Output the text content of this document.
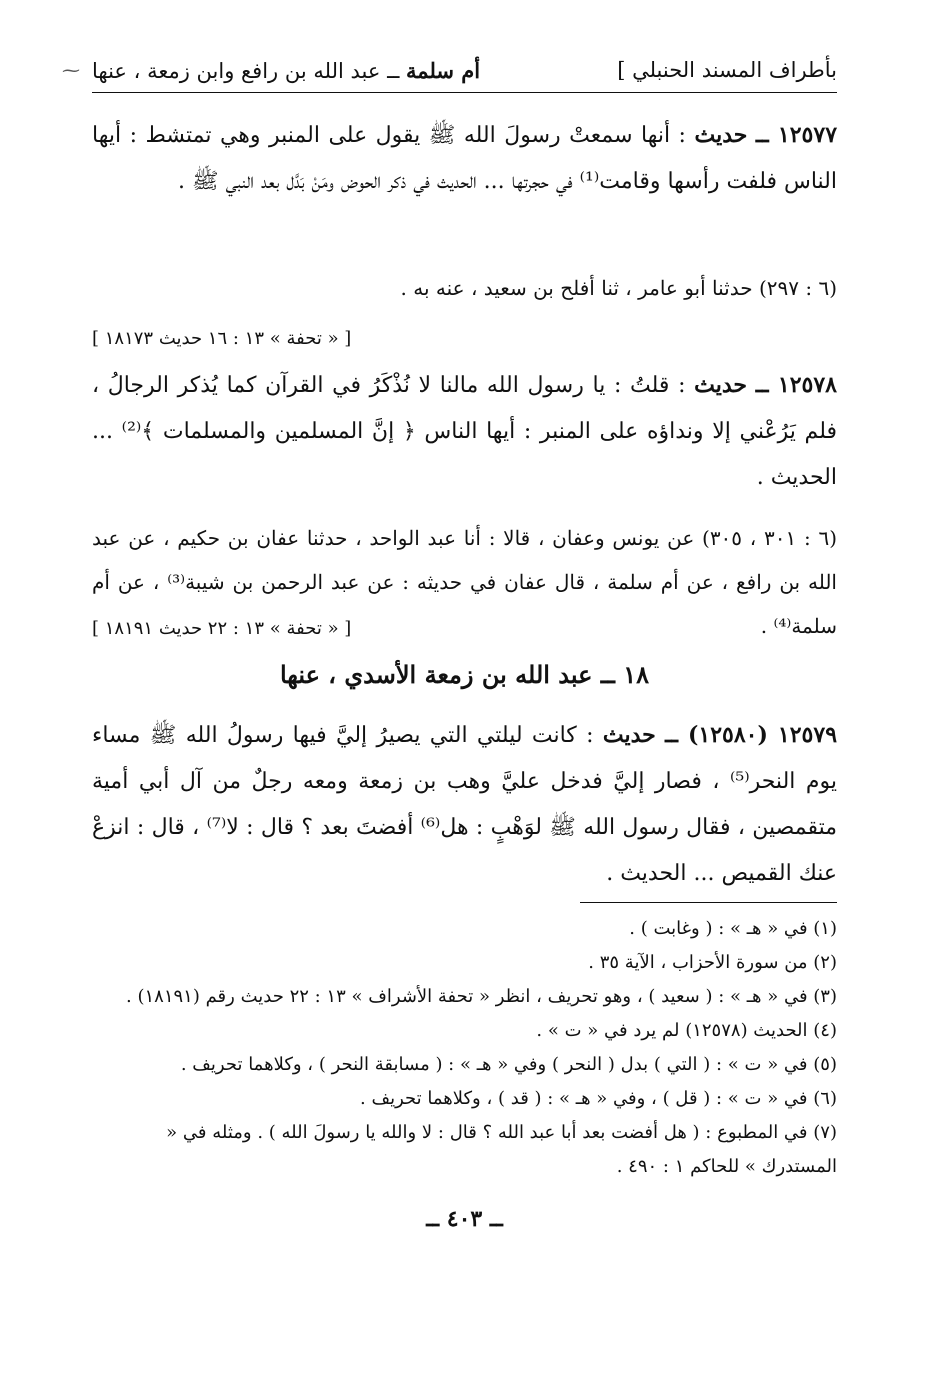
⁓	بأطراف المسند الحنبلي ]
أم سلمة ــ عبد الله بن رافع وابن زمعة ، عنها
١٢٥٧٧ ــ حديث : أنها سمعتْ رسولَ الله ﷺ يقول على المنبر وهي تمتشط : أيها الناس فلفت رأسها وقامت⁽¹⁾ في حجرتها ... الحديث في ذكر الحوض ومَنْ بَدَّل بعد النبي ﷺ .
(٦ : ٢٩٧) حدثنا أبو عامر ، ثنا أفلح بن سعيد ، عنه به .
[ « تحفة » ١٣ : ١٦ حديث ١٨١٧٣ ]
١٢٥٧٨ ــ حديث : قلتُ : يا رسول الله مالنا لا نُذْكَرُ في القرآن كما يُذكر الرجالُ ، فلم يَرُعْني إلا ونداؤه على المنبر : أيها الناس ﴿ إنَّ المسلمين والمسلمات ﴾⁽²⁾ ... الحديث .
(٦ : ٣٠١ ، ٣٠٥) عن يونس وعفان ، قالا : أنا عبد الواحد ، حدثنا عفان بن حكيم ، عن عبد الله بن رافع ، عن أم سلمة ، قال عفان في حديثه : عن عبد الرحمن بن شيبة⁽³⁾ ، عن أم سلمة⁽⁴⁾ .
[ « تحفة » ١٣ : ٢٢ حديث ١٨١٩١ ]
١٨ ــ عبد الله بن زمعة الأسدي ، عنها
١٢٥٧٩ (١٢٥٨٠) ــ حديث : كانت ليلتي التي يصيرُ إليَّ فيها رسولُ الله ﷺ مساء يوم النحر⁽⁵⁾ ، فصار إليَّ فدخل عليَّ وهب بن زمعة ومعه رجلٌ من آل أبي أمية متقمصين ، فقال رسول الله ﷺ لوَهْبٍ : هل⁽⁶⁾ أفضتَ بعد ؟ قال : لا⁽⁷⁾ ، قال : انزعْ عنك القميص ... الحديث .
(١) في « هـ » : ( وغابت ) .
(٢) من سورة الأحزاب ، الآية ٣٥ .
(٣) في « هـ » : ( سعيد ) ، وهو تحريف ، انظر « تحفة الأشراف » ١٣ : ٢٢ حديث رقم (١٨١٩١) .
(٤) الحديث (١٢٥٧٨) لم يرد في « ت » .
(٥) في « ت » : ( التي ) بدل ( النحر ) وفي « هـ » : ( مسابقة النحر ) ، وكلاهما تحريف .
(٦) في « ت » : ( قل ) ، وفي « هـ » : ( قد ) ، وكلاهما تحريف .
(٧) في المطبوع : ( هل أفضت بعد أبا عبد الله ؟ قال : لا والله يا رسولَ الله ) . ومثله في « المستدرك » للحاكم ١ : ٤٩٠ .
ــ ٤٠٣ ــ
